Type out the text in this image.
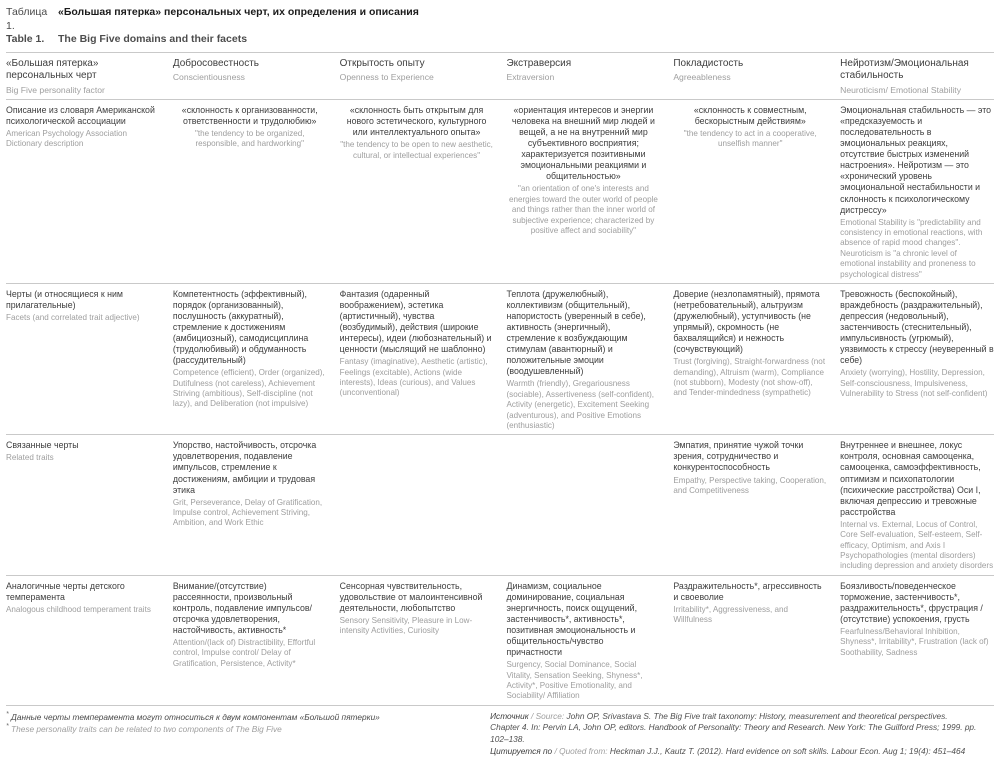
Таблица 1.
«Большая пятерка» персональных черт, их определения и описания
Table 1.	The Big Five domains and their facets
«Большая пятерка» персональных черт
Big Five personality factor
Добросовестность
Conscientiousness
Открытость опыту
Openness to Experience
Экстраверсия
Extraversion
Покладистость
Agreeableness
Нейротизм/Эмоциональная стабильность
Neuroticism/ Emotional Stability
Описание из словаря Американской психологической ассоциации
American Psychology Association Dictionary description
«склонность к организованности, ответственности и трудолюбию»
"the tendency to be organized, responsible, and hardworking"
«склонность быть открытым для нового эстетического, культурного или интеллектуального опыта»
"the tendency to be open to new aesthetic, cultural, or intellectual experiences"
«ориентация интересов и энергии человека на внешний мир людей и вещей, а не на внутренний мир субъективного восприятия; характеризуется позитивными эмоциональными реакциями и общительностью»
"an orientation of one's interests and energies toward the outer world of people and things rather than the inner world of subjective experience; characterized by positive affect and sociability"
«склонность к совместным, бескорыстным действиям»
"the tendency to act in a cooperative, unselfish manner"
Эмоциональная стабильность — это «предсказуемость и последовательность в эмоциональных реакциях, отсутствие быстрых изменений настроения». Нейротизм — это «хронический уровень эмоциональной нестабильности и склонность к психологическому дистрессу»
Emotional Stability is "predictability and consistency in emotional reactions, with absence of rapid mood changes". Neuroticism is "a chronic level of emotional instability and proneness to psychological distress"
Черты (и относящиеся к ним прилагательные)
Facets (and correlated trait adjective)
Компетентность (эффективный), порядок (организованный), послушность (аккуратный), стремление к достижениям (амбициозный), самодисциплина (трудолюбивый) и обдуманность (рассудительный)
Competence (efficient), Order (organized), Dutifulness (not careless), Achievement Striving (ambitious), Self-discipline (not lazy), and Deliberation (not impulsive)
Фантазия (одаренный воображением), эстетика (артистичный), чувства (возбудимый), действия (широкие интересы), идеи (любознательный) и ценности (мыслящий не шаблонно)
Fantasy (imaginative), Aesthetic (artistic), Feelings (excitable), Actions (wide interests), Ideas (curious), and Values (unconventional)
Теплота (дружелюбный), коллективизм (общительный), напористость (уверенный в себе), активность (энергичный), стремление к возбуждающим стимулам (авантюрный) и положительные эмоции (воодушевленный)
Warmth (friendly), Gregariousness (sociable), Assertiveness (self-confident), Activity (energetic), Excitement Seeking (adventurous), and Positive Emotions (enthusiastic)
Доверие (незлопамятный), прямота (нетребовательный), альтруизм (дружелюбный), уступчивость (не упрямый), скромность (не бахвалящийся) и нежность (сочувствующий)
Trust (forgiving), Straight-forwardness (not demanding), Altruism (warm), Compliance (not stubborn), Modesty (not show-off), and Tender-mindedness (sympathetic)
Тревожность (беспокойный), враждебность (раздражительный), депрессия (недовольный), застенчивость (стеснительный), импульсивность (угрюмый), уязвимость к стрессу (неуверенный в себе)
Anxiety (worrying), Hostility, Depression, Self-consciousness, Impulsiveness, Vulnerability to Stress (not self-confident)
Связанные черты
Related traits
Упорство, настойчивость, отсрочка удовлетворения, подавление импульсов, стремление к достижениям, амбиции и трудовая этика
Grit, Perseverance, Delay of Gratification, Impulse control, Achievement Striving, Ambition, and Work Ethic
Эмпатия, принятие чужой точки зрения, сотрудничество и конкурентоспособность
Empathy, Perspective taking, Cooperation, and Competitiveness
Внутреннее и внешнее, локус контроля, основная самооценка, самооценка, самоэффективность, оптимизм и психопатологии (психические расстройства) Оси I, включая депрессию и тревожные расстройства
Internal vs. External, Locus of Control, Core Self-evaluation, Self-esteem, Self-efficacy, Optimism, and Axis I Psychopathologies (mental disorders) including depression and anxiety disorders
Аналогичные черты детского темперамента
Analogous childhood temperament traits
Внимание/(отсутствие) рассеянности, произвольный контроль, подавление импульсов/отсрочка удовлетворения, настойчивость, активность*
Attention/(lack of) Distractibility, Effortful control, Impulse control/ Delay of Gratification, Persistence, Activity*
Сенсорная чувствительность, удовольствие от малоинтенсивной деятельности, любопытство
Sensory Sensitivity, Pleasure in Low-intensity Activities, Curiosity
Динамизм, социальное доминирование, социальная энергичность, поиск ощущений, застенчивость*, активность*, позитивная эмоциональность и общительность/чувство причастности
Surgency, Social Dominance, Social Vitality, Sensation Seeking, Shyness*, Activity*, Positive Emotionality, and Sociability/ Affiliation
Раздражительность*, агрессивность и своеволие
Irritability*, Aggressiveness, and Willfulness
Боязливость/поведенческое торможение, застенчивость*, раздражительность*, фрустрация / (отсутствие) успокоения, грусть
Fearfulness/Behavioral Inhibition, Shyness*, Irritability*, Frustration (lack of) Soothability, Sadness
* Данные черты темперамента могут относиться к двум компонентам «Большой пятерки»
* These personality traits can be related to two components of The Big Five
Источник / Source: John OP, Srivastava S. The Big Five trait taxonomy: History, measurement and theoretical perspectives.
Chapter 4. In: Pervin LA, John OP, editors. Handbook of Personality: Theory and Research. New York: The Guilford Press; 1999. pp. 102–138.
Цитируется по / Quoted from: Heckman J.J., Kautz T. (2012). Hard evidence on soft skills. Labour Econ. Aug 1; 19(4): 451–464
